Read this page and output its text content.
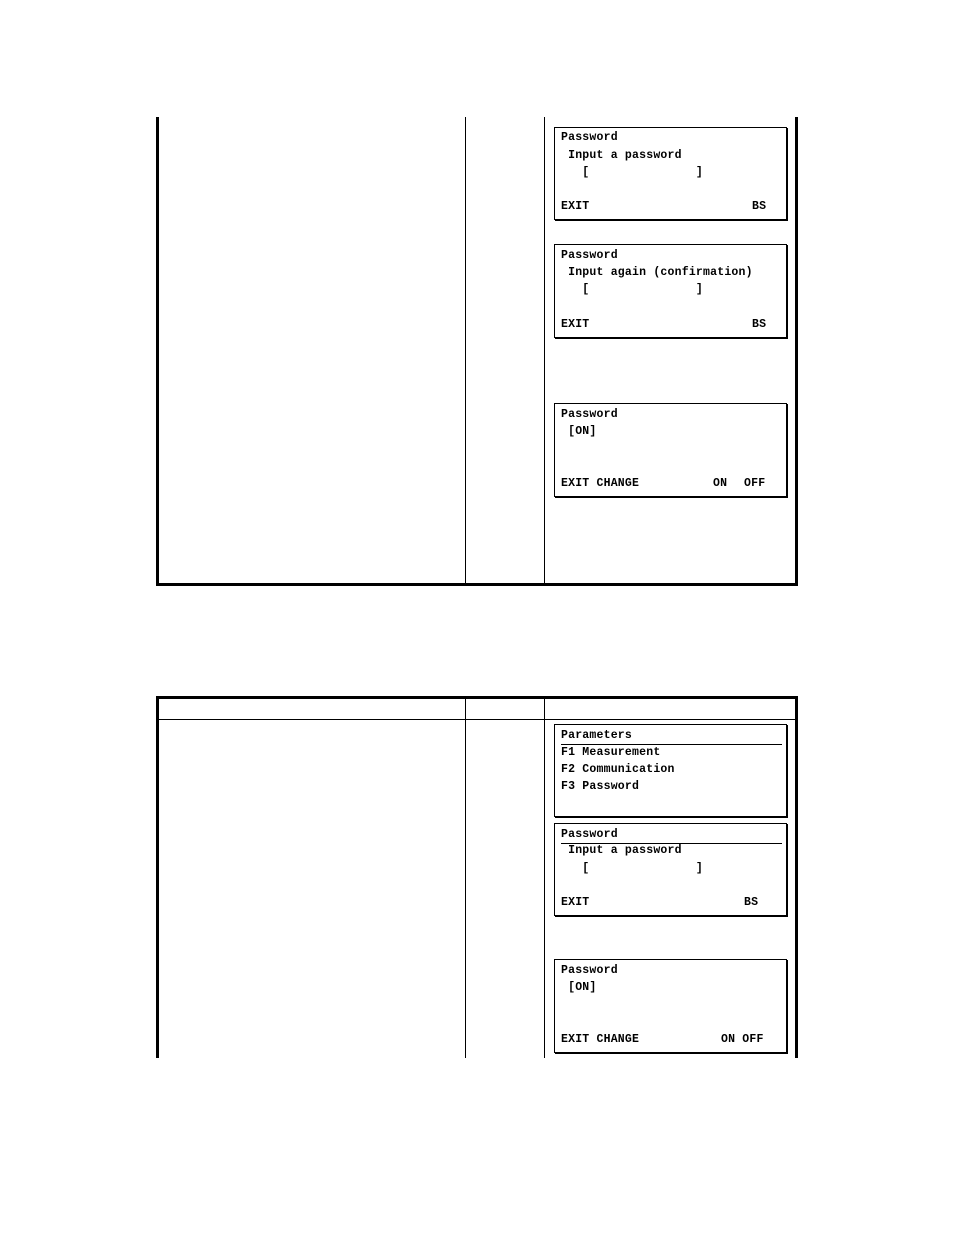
Password
Input a password
[               ]
EXIT	BS
Password
Input again (confirmation)
[               ]
EXIT	BS
Password
[ON]
EXIT CHANGE	ON OFF
Parameters
F1 Measurement
F2 Communication
F3 Password
Password
Input a password
[               ]
EXIT	BS
Password
[ON]
EXIT CHANGE	ON OFF
